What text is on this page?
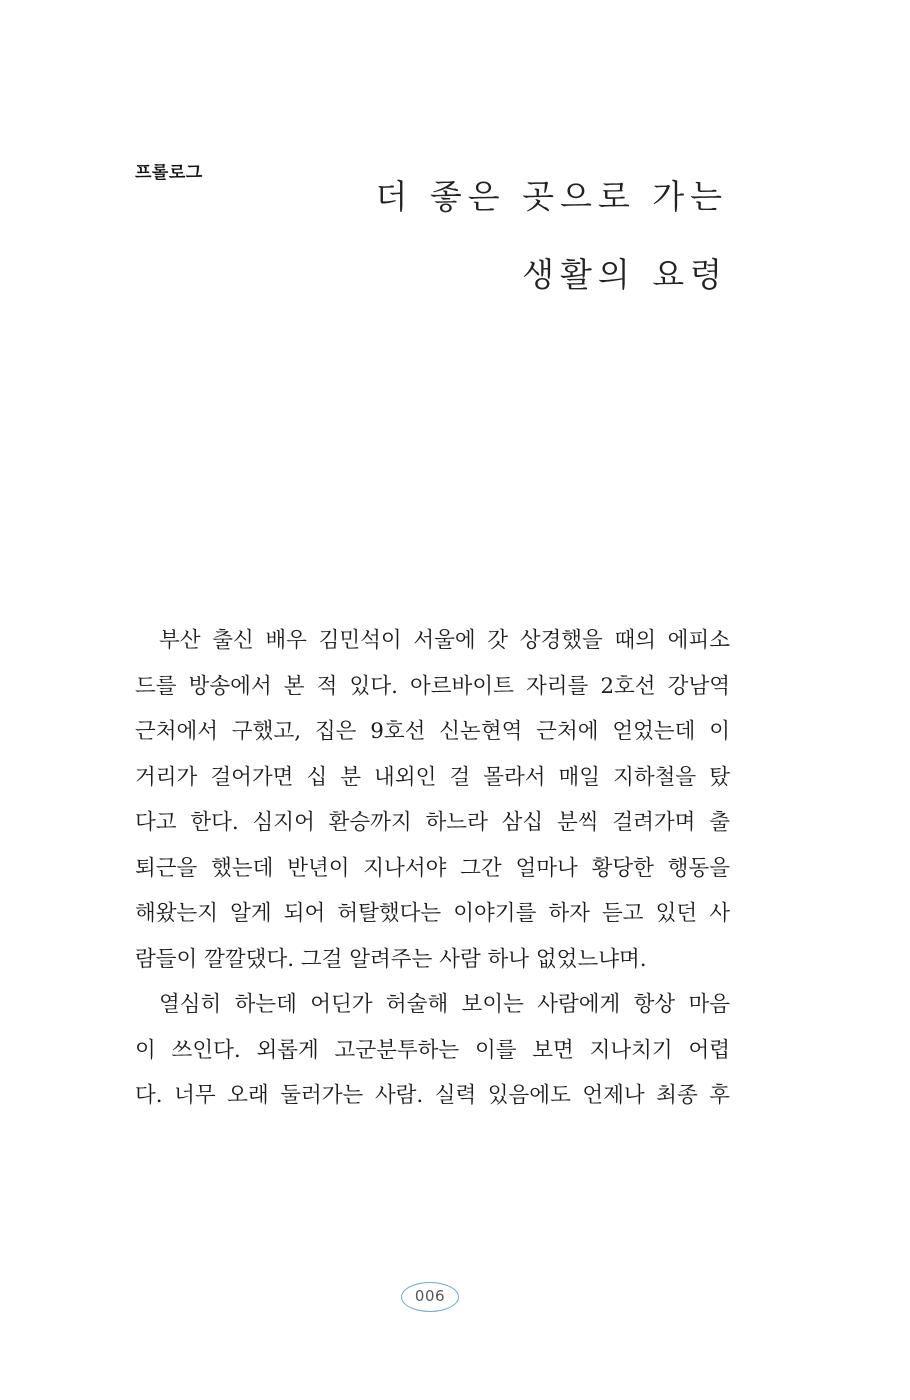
프롤로그
더 좋은 곳으로 가는
생활의 요령

부산 출신 배우 김민석이 서울에 갓 상경했을 때의 에피소
드를 방송에서 본 적 있다. 아르바이트 자리를 2호선 강남역
근처에서 구했고, 집은 9호선 신논현역 근처에 얻었는데 이
거리가 걸어가면 십 분 내외인 걸 몰라서 매일 지하철을 탔
다고 한다. 심지어 환승까지 하느라 삼십 분씩 걸려가며 출
퇴근을 했는데 반년이 지나서야 그간 얼마나 황당한 행동을
해왔는지 알게 되어 허탈했다는 이야기를 하자 듣고 있던 사
람들이 깔깔댔다. 그걸 알려주는 사람 하나 없었느냐며.

열심히 하는데 어딘가 허술해 보이는 사람에게 항상 마음
이 쓰인다. 외롭게 고군분투하는 이를 보면 지나치기 어렵
다. 너무 오래 둘러가는 사람. 실력 있음에도 언제나 최종 후

006
